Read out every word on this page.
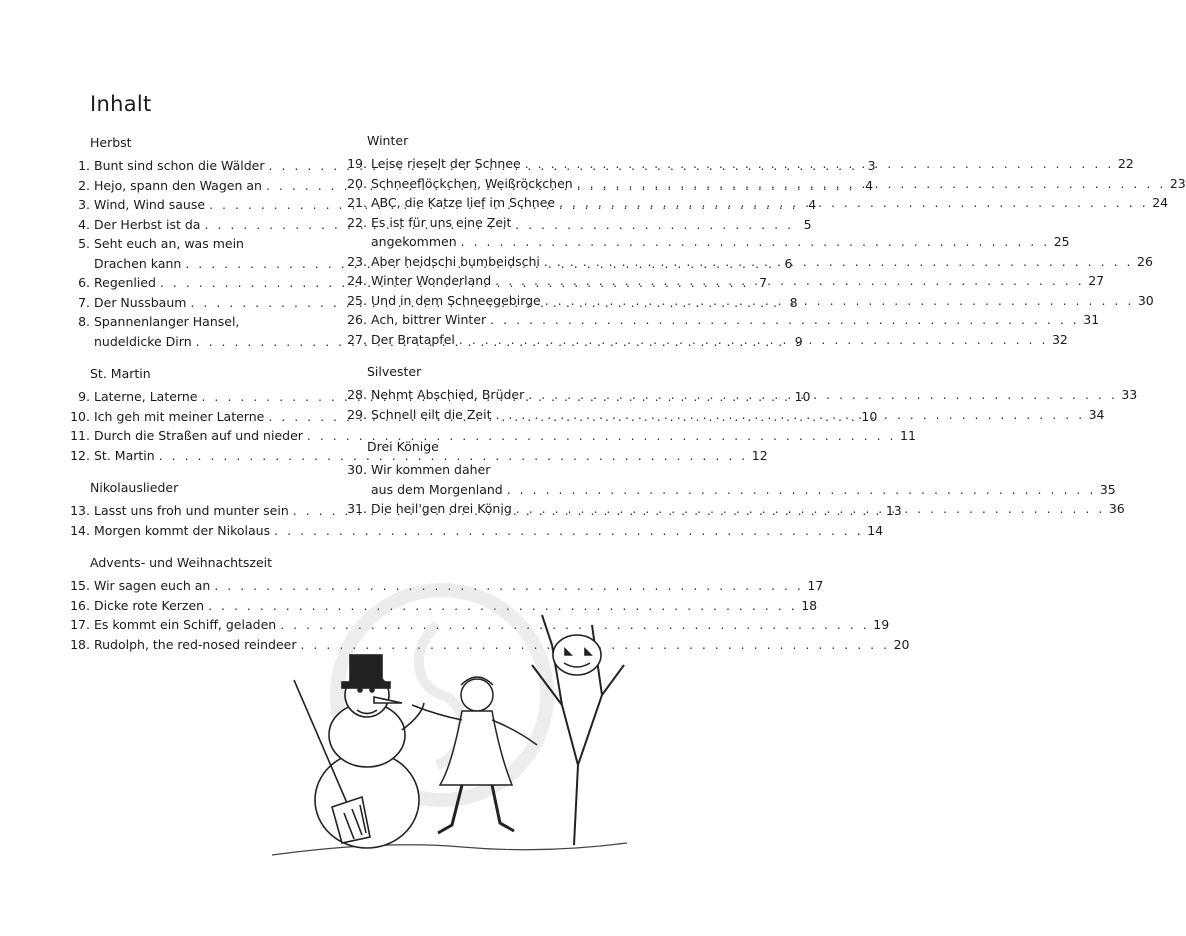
Inhalt
Herbst
1. Bunt sind schon die Wälder . . .	3
2. Hejo, spann den Wagen an . . .	4
3. Wind, Wind sause . . .	4
4. Der Herbst ist da . . .	5
5. Seht euch an, was mein
Drachen kann . . .	6
6. Regenlied . . .	7
7. Der Nussbaum . . .	8
8. Spannenlanger Hansel,
nudeldicke Dirn . . .	9
St. Martin
9. Laterne, Laterne . . .	10
10. Ich geh mit meiner Laterne . . .	10
11. Durch die Straßen auf und nieder . . .	11
12. St. Martin . . .	12
Nikolauslieder
13. Lasst uns froh und munter sein . . .	13
14. Morgen kommt der Nikolaus . . .	14
Advents- und Weihnachtszeit
15. Wir sagen euch an . . .	17
16. Dicke rote Kerzen . . .	18
17. Es kommt ein Schiff, geladen . . .	19
18. Rudolph, the red-nosed reindeer . . .	20
Winter
19. Leise rieselt der Schnee . . .	22
20. Schneeflöckchen, Weißröckchen . . .	23
21. ABC, die Katze lief im Schnee . . .	24
22. Es ist für uns eine Zeit
angekommen . . .	25
23. Aber heidschi bumbeidschi . . .	26
24. Winter Wonderland . . .	27
25. Und in dem Schneegebirge . . .	30
26. Ach, bittrer Winter . . .	31
27. Der Bratapfel . . .	32
Silvester
28. Nehmt Abschied, Brüder . . .	33
29. Schnell eilt die Zeit . . .	34
Drei Könige
30. Wir kommen daher
aus dem Morgenland . . .	35
31. Die heil'gen drei König . . .	36
